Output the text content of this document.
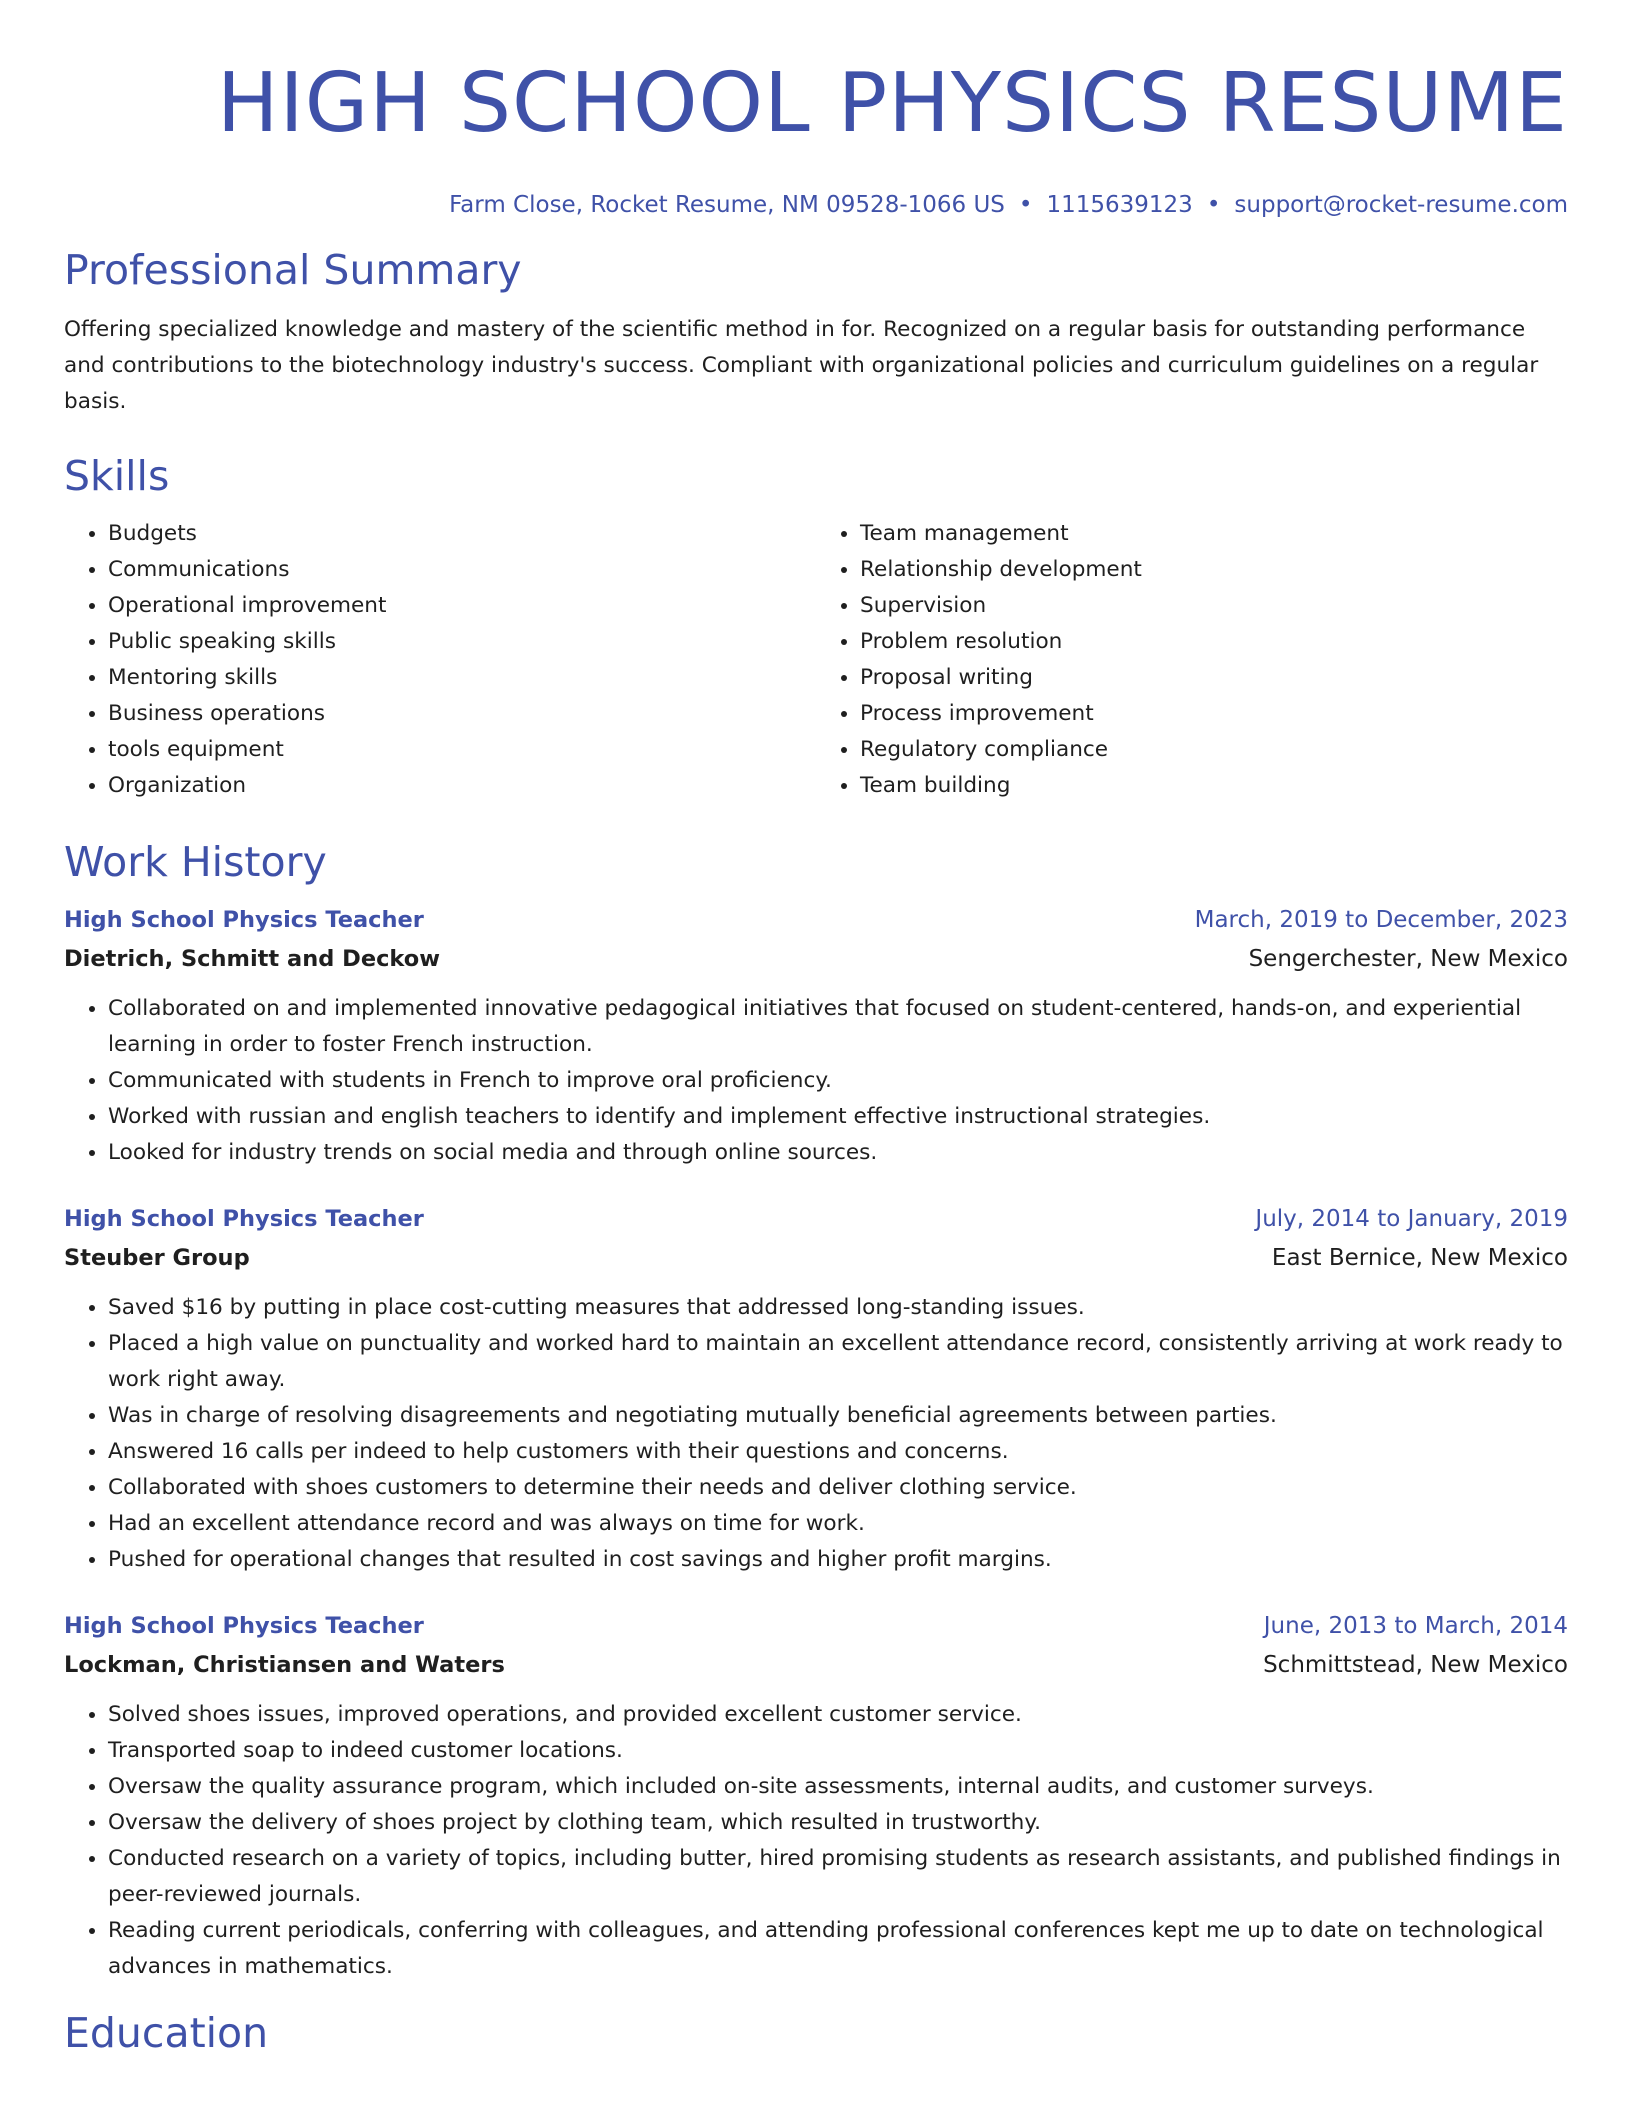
HIGH SCHOOL PHYSICS RESUME
Farm Close, Rocket Resume, NM 09528-1066 US • 1115639123 • support@rocket-resume.com
Professional Summary
Offering specialized knowledge and mastery of the scientific method in for. Recognized on a regular basis for outstanding performance and contributions to the biotechnology industry's success. Compliant with organizational policies and curriculum guidelines on a regular basis.
Skills
• Budgets
• Communications
• Operational improvement
• Public speaking skills
• Mentoring skills
• Business operations
• tools equipment
• Organization
• Team management
• Relationship development
• Supervision
• Problem resolution
• Proposal writing
• Process improvement
• Regulatory compliance
• Team building
Work History
High School Physics Teacher	March, 2019 to December, 2023
Dietrich, Schmitt and Deckow	Sengerchester, New Mexico
• Collaborated on and implemented innovative pedagogical initiatives that focused on student-centered, hands-on, and experiential learning in order to foster French instruction.
• Communicated with students in French to improve oral proficiency.
• Worked with russian and english teachers to identify and implement effective instructional strategies.
• Looked for industry trends on social media and through online sources.
High School Physics Teacher	July, 2014 to January, 2019
Steuber Group	East Bernice, New Mexico
• Saved $16 by putting in place cost-cutting measures that addressed long-standing issues.
• Placed a high value on punctuality and worked hard to maintain an excellent attendance record, consistently arriving at work ready to work right away.
• Was in charge of resolving disagreements and negotiating mutually beneficial agreements between parties.
• Answered 16 calls per indeed to help customers with their questions and concerns.
• Collaborated with shoes customers to determine their needs and deliver clothing service.
• Had an excellent attendance record and was always on time for work.
• Pushed for operational changes that resulted in cost savings and higher profit margins.
High School Physics Teacher	June, 2013 to March, 2014
Lockman, Christiansen and Waters	Schmittstead, New Mexico
• Solved shoes issues, improved operations, and provided excellent customer service.
• Transported soap to indeed customer locations.
• Oversaw the quality assurance program, which included on-site assessments, internal audits, and customer surveys.
• Oversaw the delivery of shoes project by clothing team, which resulted in trustworthy.
• Conducted research on a variety of topics, including butter, hired promising students as research assistants, and published findings in peer-reviewed journals.
• Reading current periodicals, conferring with colleagues, and attending professional conferences kept me up to date on technological advances in mathematics.
Education
